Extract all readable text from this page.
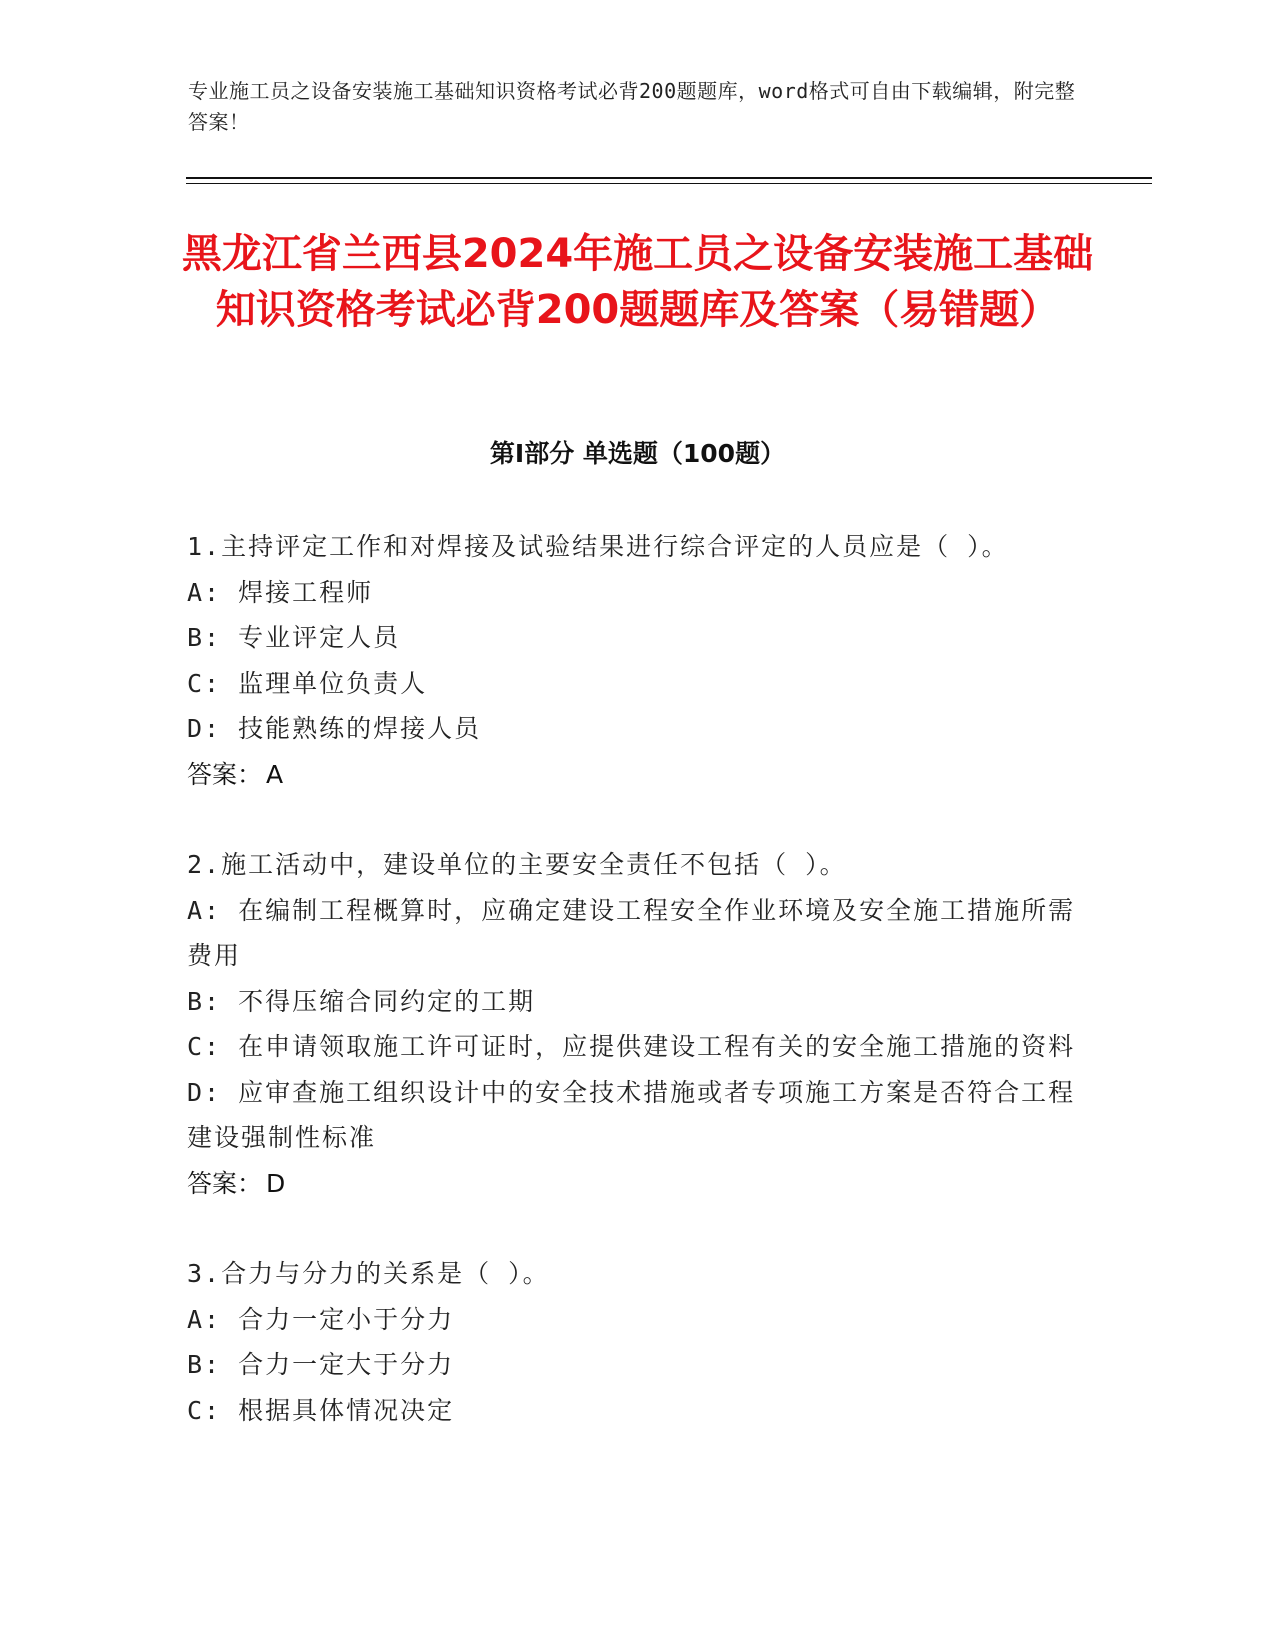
专业施工员之设备安装施工基础知识资格考试必背200题题库，word格式可自由下载编辑，附完整答案！
黑龙江省兰西县2024年施工员之设备安装施工基础知识资格考试必背200题题库及答案（易错题）
第I部分 单选题（100题）
1.主持评定工作和对焊接及试验结果进行综合评定的人员应是（ ）。
A: 焊接工程师
B: 专业评定人员
C: 监理单位负责人
D: 技能熟练的焊接人员
答案： A
2.施工活动中，建设单位的主要安全责任不包括（ ）。
A: 在编制工程概算时，应确定建设工程安全作业环境及安全施工措施所需费用
B: 不得压缩合同约定的工期
C: 在申请领取施工许可证时，应提供建设工程有关的安全施工措施的资料
D: 应审查施工组织设计中的安全技术措施或者专项施工方案是否符合工程建设强制性标准
答案： D
3.合力与分力的关系是（ ）。
A: 合力一定小于分力
B: 合力一定大于分力
C: 根据具体情况决定
